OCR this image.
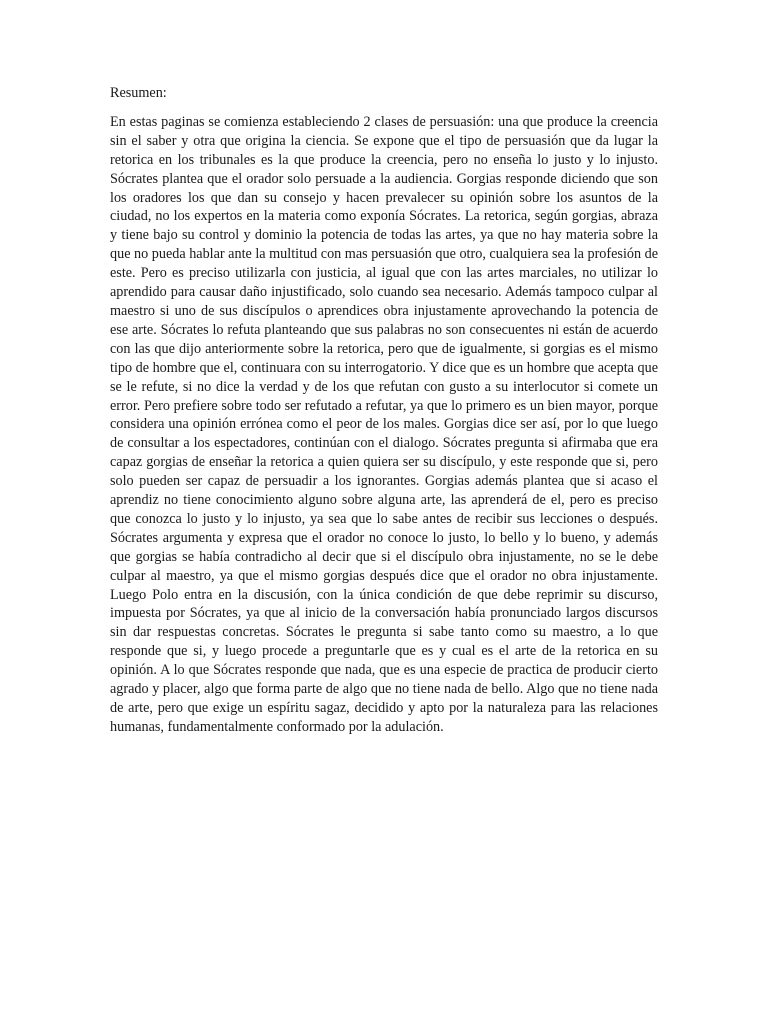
Resumen:

En estas paginas se comienza estableciendo 2 clases de persuasión: una que produce la creencia sin el saber y otra que origina la ciencia. Se expone que el tipo de persuasión que da lugar la retorica en los tribunales es la que produce la creencia, pero no enseña lo justo y lo injusto. Sócrates plantea que el orador solo persuade a la audiencia. Gorgias responde diciendo que son los oradores los que dan su consejo y hacen prevalecer su opinión sobre los asuntos de la ciudad, no los expertos en la materia como exponía Sócrates. La retorica, según gorgias, abraza y tiene bajo su control y dominio la potencia de todas las artes, ya que no hay materia sobre la que no pueda hablar ante la multitud con mas persuasión que otro, cualquiera sea la profesión de este. Pero es preciso utilizarla con justicia, al igual que con las artes marciales, no utilizar lo aprendido para causar daño injustificado, solo cuando sea necesario. Además tampoco culpar al maestro si uno de sus discípulos o aprendices obra injustamente aprovechando la potencia de ese arte. Sócrates lo refuta planteando que sus palabras no son consecuentes ni están de acuerdo con las que dijo anteriormente sobre la retorica, pero que de igualmente, si gorgias es el mismo tipo de hombre que el, continuara con su interrogatorio. Y dice que es un hombre que acepta que se le refute, si no dice la verdad y de los que refutan con gusto a su interlocutor si comete un error. Pero prefiere sobre todo ser refutado a refutar, ya que lo primero es un bien mayor, porque considera una opinión errónea como el peor de los males. Gorgias dice ser así, por lo que luego de consultar a los espectadores, continúan con el dialogo. Sócrates pregunta si afirmaba que era capaz gorgias de enseñar la retorica a quien quiera ser su discípulo, y este responde que si, pero solo pueden ser capaz de persuadir a los ignorantes. Gorgias además plantea que si acaso el aprendiz no tiene conocimiento alguno sobre alguna arte, las aprenderá de el, pero es preciso que conozca lo justo y lo injusto, ya sea que lo sabe antes de recibir sus lecciones o después. Sócrates argumenta y expresa que el orador no conoce lo justo, lo bello y lo bueno, y además que gorgias se había contradicho al decir que si el discípulo obra injustamente, no se le debe culpar al maestro, ya que el mismo gorgias después dice que el orador no obra injustamente. Luego Polo entra en la discusión, con la única condición de que debe reprimir su discurso, impuesta por Sócrates, ya que al inicio de la conversación había pronunciado largos discursos sin dar respuestas concretas. Sócrates le pregunta si sabe tanto como su maestro, a lo que responde que si, y luego procede a preguntarle que es y cual es el arte de la retorica en su opinión. A lo que Sócrates responde que nada, que es una especie de practica de producir cierto agrado y placer, algo que forma parte de algo que no tiene nada de bello. Algo que no tiene nada de arte, pero que exige un espíritu sagaz, decidido y apto por la naturaleza para las relaciones humanas, fundamentalmente conformado por la adulación.
